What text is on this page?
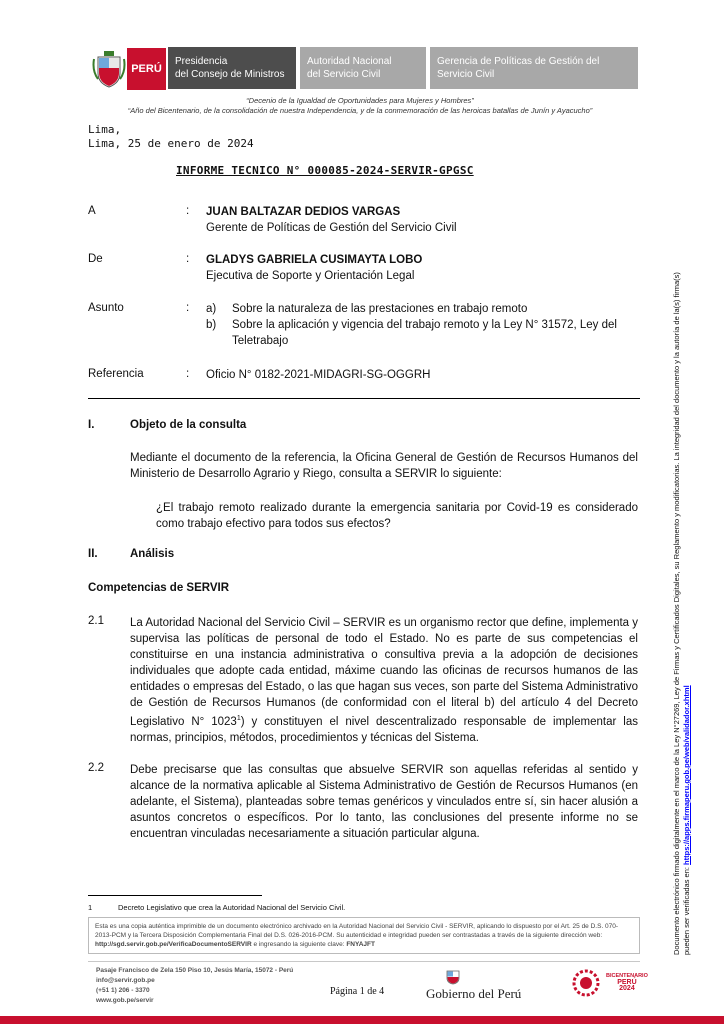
PERÚ
Presidencia
del Consejo de Ministros
Autoridad Nacional
del Servicio Civil
Gerencia de Políticas de Gestión del
Servicio Civil
“Decenio de la Igualdad de Oportunidades para Mujeres y Hombres”
“Año del Bicentenario, de la consolidación de nuestra Independencia, y de la conmemoración de las heroicas batallas de Junín y Ayacucho”
Lima,
Lima, 25 de enero de 2024
INFORME TECNICO N° 000085-2024-SERVIR-GPGSC
A	: JUAN BALTAZAR DEDIOS VARGAS
Gerente de Políticas de Gestión del Servicio Civil
De	: GLADYS GABRIELA CUSIMAYTA LOBO
Ejecutiva de Soporte y Orientación Legal
Asunto	: a) Sobre la naturaleza de las prestaciones en trabajo remoto
b) Sobre la aplicación y vigencia del trabajo remoto y la Ley N° 31572, Ley del
Teletrabajo
Referencia	: Oficio N° 0182-2021-MIDAGRI-SG-OGGRH
I.	Objeto de la consulta
Mediante el documento de la referencia, la Oficina General de Gestión de Recursos Humanos del Ministerio de Desarrollo Agrario y Riego, consulta a SERVIR lo siguiente:
¿El trabajo remoto realizado durante la emergencia sanitaria por Covid-19 es considerado como trabajo efectivo para todos sus efectos?
II.	Análisis
Competencias de SERVIR
2.1 La Autoridad Nacional del Servicio Civil – SERVIR es un organismo rector que define, implementa y supervisa las políticas de personal de todo el Estado. No es parte de sus competencias el constituirse en una instancia administrativa o consultiva previa a la adopción de decisiones individuales que adopte cada entidad, máxime cuando las oficinas de recursos humanos de las entidades o empresas del Estado, o las que hagan sus veces, son parte del Sistema Administrativo de Gestión de Recursos Humanos (de conformidad con el literal b) del artículo 4 del Decreto Legislativo N° 1023$^1$) y constituyen el nivel descentralizado responsable de implementar las normas, principios, métodos, procedimientos y técnicas del Sistema.
2.2 Debe precisarse que las consultas que absuelve SERVIR son aquellas referidas al sentido y alcance de la normativa aplicable al Sistema Administrativo de Gestión de Recursos Humanos (en adelante, el Sistema), planteadas sobre temas genéricos y vinculados entre sí, sin hacer alusión a asuntos concretos o específicos. Por lo tanto, las conclusiones del presente informe no se encuentran vinculadas necesariamente a situación particular alguna.
1	Decreto Legislativo que crea la Autoridad Nacional del Servicio Civil.
Esta es una copia auténtica imprimible de un documento electrónico archivado en la Autoridad Nacional del Servicio Civil - SERVIR, aplicando lo dispuesto por el Art. 25 de D.S. 070-2013-PCM y la Tercera Disposición Complementaria Final del D.S. 026-2016-PCM. Su autenticidad e integridad pueden ser contrastadas a través de la siguiente dirección web: http://sgd.servir.gob.pe/VerificaDocumentoSERVIR e ingresando la siguiente clave: FNYAJFT
Pasaje Francisco de Zela 150 Piso 10, Jesús María, 15072 - Perú
info@servir.gob.pe
(+51 1) 206 - 3370
www.gob.pe/servir
Página 1 de 4	Gobierno del Perú
BICENTENARIO
PERÚ
2024
Documento electrónico firmado digitalmente en el marco de la Ley N°27269, Ley de Firmas y Certificados Digitales, su Reglamento y modificatorias. La integridad del documento y la autoría de la(s) firma(s) pueden ser verificadas en: https://apps.firmaperu.gob.pe/web/validador.xhtml
